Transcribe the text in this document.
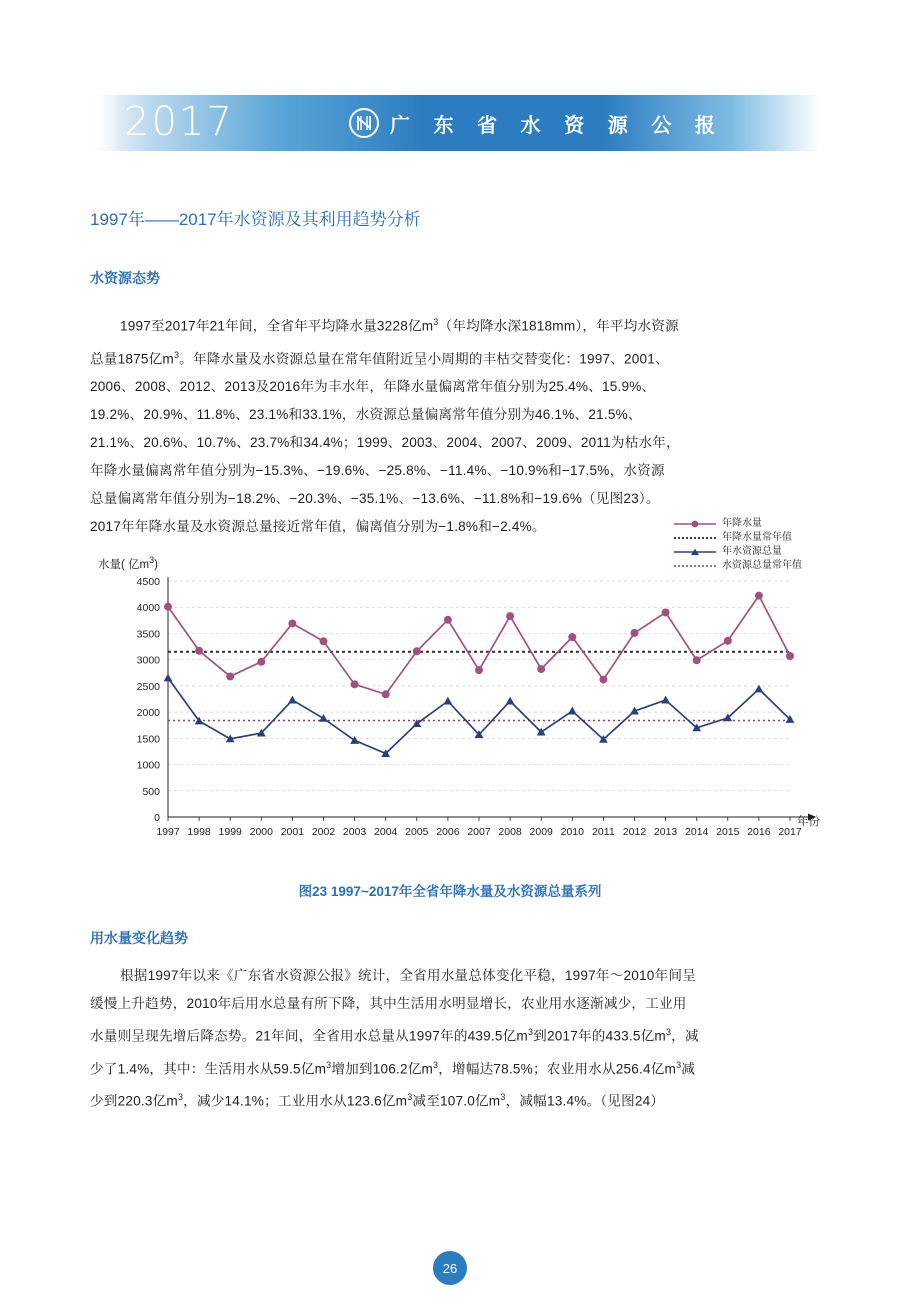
2017	广 东 省 水 资 源 公 报
1997年——2017年水资源及其利用趋势分析
水资源态势
1997至2017年21年间，全省年平均降水量3228亿$m^3$（年均降水深1818mm），年平均水资源
总量1875亿$m^3$。年降水量及水资源总量在常年值附近呈小周期的丰枯交替变化：1997、2001、
2006、2008、2012、2013及2016年为丰水年，年降水量偏离常年值分别为25.4%、15.9%、
19.2%、20.9%、11.8%、23.1%和33.1%，水资源总量偏离常年值分别为46.1%、21.5%、
21.1%、20.6%、10.7%、23.7%和34.4%；1999、2003、2004、2007、2009、2011为枯水年，
年降水量偏离常年值分别为−15.3%、−19.6%、−25.8%、−11.4%、−10.9%和−17.5%，水资源
总量偏离常年值分别为−18.2%、−20.3%、−35.1%、−13.6%、−11.8%和−19.6%（见图23）。
2017年年降水量及水资源总量接近常年值，偏离值分别为−1.8%和−2.4%。
水量( 亿$m^3$)
年降水量
年降水量常年值
年水资源总量
水资源总量常年值
0
500
1000
1500
2000
2500
3000
3500
4000
4500
1997 1998 1999 2000 2001 2002 2003 2004 2005 2006 2007 2008 2009 2010 2011 2012 2013 2014 2015 2016 2017
年份
图23 1997~2017年全省年降水量及水资源总量系列
用水量变化趋势
根据1997年以来《广东省水资源公报》统计，全省用水量总体变化平稳，1997年～2010年间呈
缓慢上升趋势，2010年后用水总量有所下降，其中生活用水明显增长，农业用水逐渐减少，工业用
水量则呈现先增后降态势。21年间，全省用水总量从1997年的439.5亿$m^3$到2017年的433.5亿$m^3$，减
少了1.4%，其中：生活用水从59.5亿$m^3$增加到106.2亿$m^3$，增幅达78.5%；农业用水从256.4亿$m^3$减
少到220.3亿$m^3$，减少14.1%；工业用水从123.6亿$m^3$减至107.0亿$m^3$，减幅13.4%。（见图24）
26
